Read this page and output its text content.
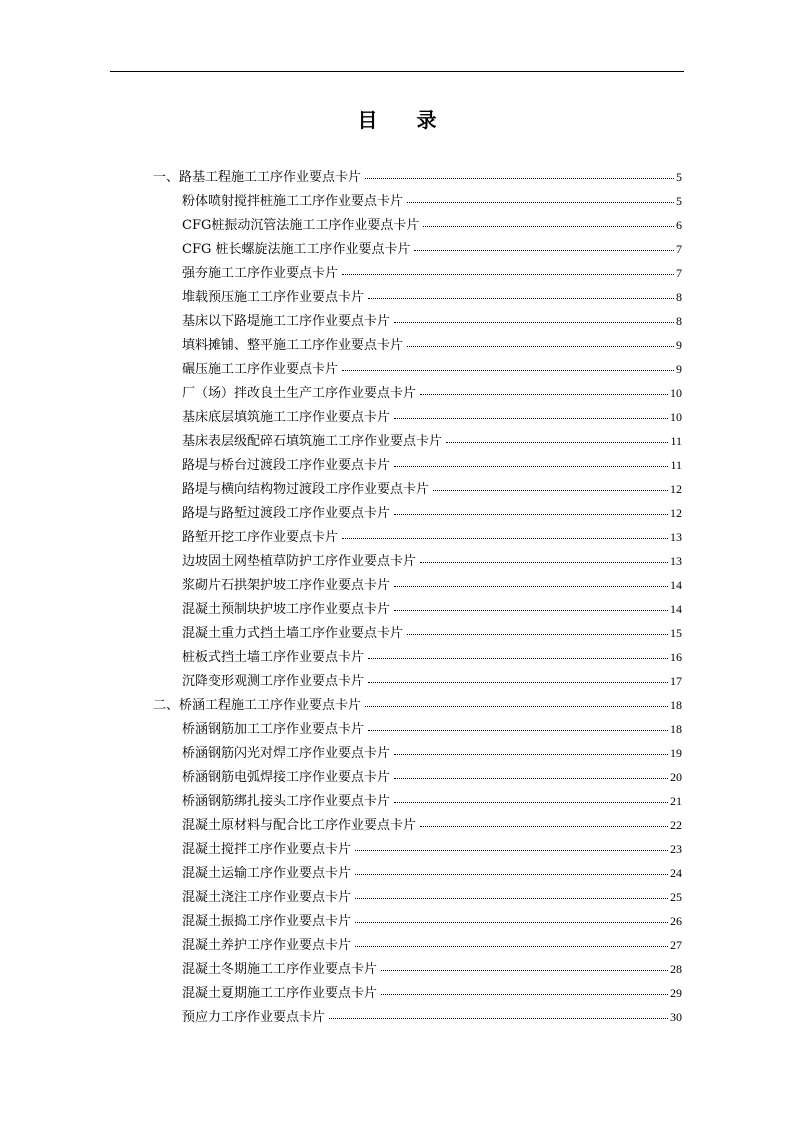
目 录
一、路基工程施工工序作业要点卡片	5
粉体喷射搅拌桩施工工序作业要点卡片	5
CFG桩振动沉管法施工工序作业要点卡片	6
CFG 桩长螺旋法施工工序作业要点卡片	7
强夯施工工序作业要点卡片	7
堆载预压施工工序作业要点卡片	8
基床以下路堤施工工序作业要点卡片	8
填料摊铺、整平施工工序作业要点卡片	9
碾压施工工序作业要点卡片	9
厂（场）拌改良土生产工序作业要点卡片	10
基床底层填筑施工工序作业要点卡片	10
基床表层级配碎石填筑施工工序作业要点卡片	11
路堤与桥台过渡段工序作业要点卡片	11
路堤与横向结构物过渡段工序作业要点卡片	12
路堤与路堑过渡段工序作业要点卡片	12
路堑开挖工序作业要点卡片	13
边坡固土网垫植草防护工序作业要点卡片	13
浆砌片石拱架护坡工序作业要点卡片	14
混凝土预制块护坡工序作业要点卡片	14
混凝土重力式挡土墙工序作业要点卡片	15
桩板式挡土墙工序作业要点卡片	16
沉降变形观测工序作业要点卡片	17
二、桥涵工程施工工序作业要点卡片	18
桥涵钢筋加工工序作业要点卡片	18
桥涵钢筋闪光对焊工序作业要点卡片	19
桥涵钢筋电弧焊接工序作业要点卡片	20
桥涵钢筋绑扎接头工序作业要点卡片	21
混凝土原材料与配合比工序作业要点卡片	22
混凝土搅拌工序作业要点卡片	23
混凝土运输工序作业要点卡片	24
混凝土浇注工序作业要点卡片	25
混凝土振捣工序作业要点卡片	26
混凝土养护工序作业要点卡片	27
混凝土冬期施工工序作业要点卡片	28
混凝土夏期施工工序作业要点卡片	29
预应力工序作业要点卡片	30
